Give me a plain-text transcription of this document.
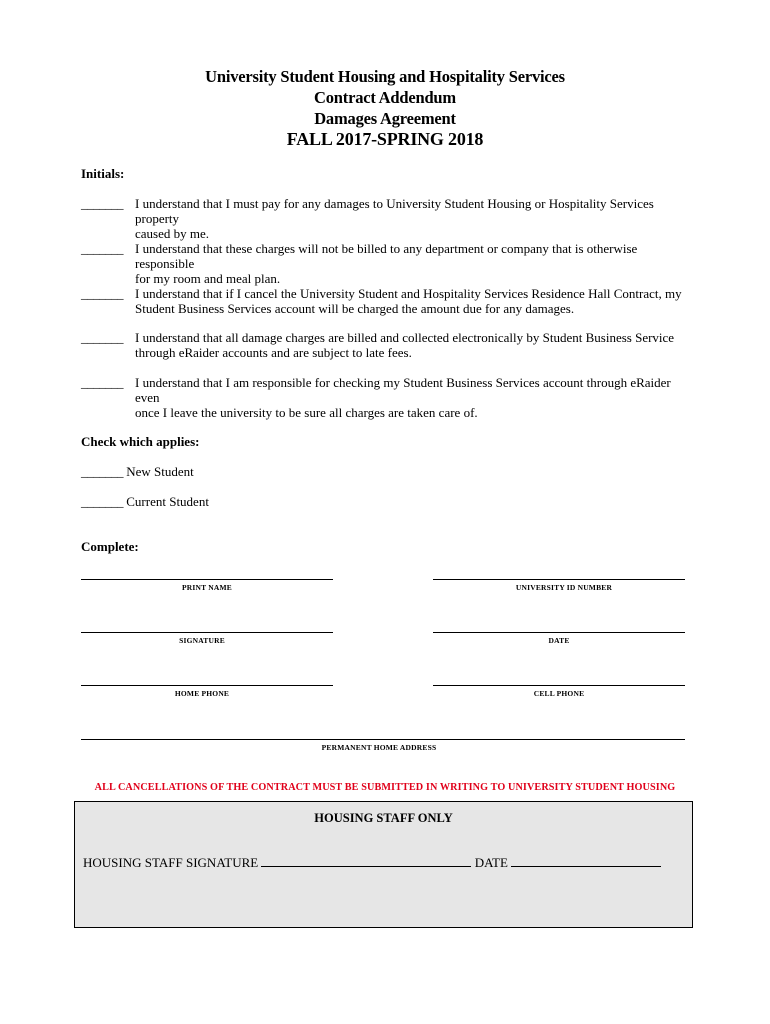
University Student Housing and Hospitality Services
Contract Addendum
Damages Agreement
FALL 2017-SPRING 2018
Initials:
_______ I understand that I must pay for any damages to University Student Housing or Hospitality Services property
caused by me.
_______ I understand that these charges will not be billed to any department or company that is otherwise responsible
for my room and meal plan.
_______ I understand that if I cancel the University Student and Hospitality Services Residence Hall Contract, my
Student Business Services account will be charged the amount due for any damages.
_______ I understand that all damage charges are billed and collected electronically by Student Business Service
through eRaider accounts and are subject to late fees.
_______ I understand that I am responsible for checking my Student Business Services account through eRaider even
once I leave the university to be sure all charges are taken care of.
Check which applies:
_______ New Student
_______ Current Student
Complete:
PRINT NAME	UNIVERSITY ID NUMBER
SIGNATURE	DATE
HOME PHONE	CELL PHONE
PERMANENT HOME ADDRESS
ALL CANCELLATIONS OF THE CONTRACT MUST BE SUBMITTED IN WRITING TO UNIVERSITY STUDENT HOUSING
HOUSING STAFF ONLY
HOUSING STAFF SIGNATURE	DATE
